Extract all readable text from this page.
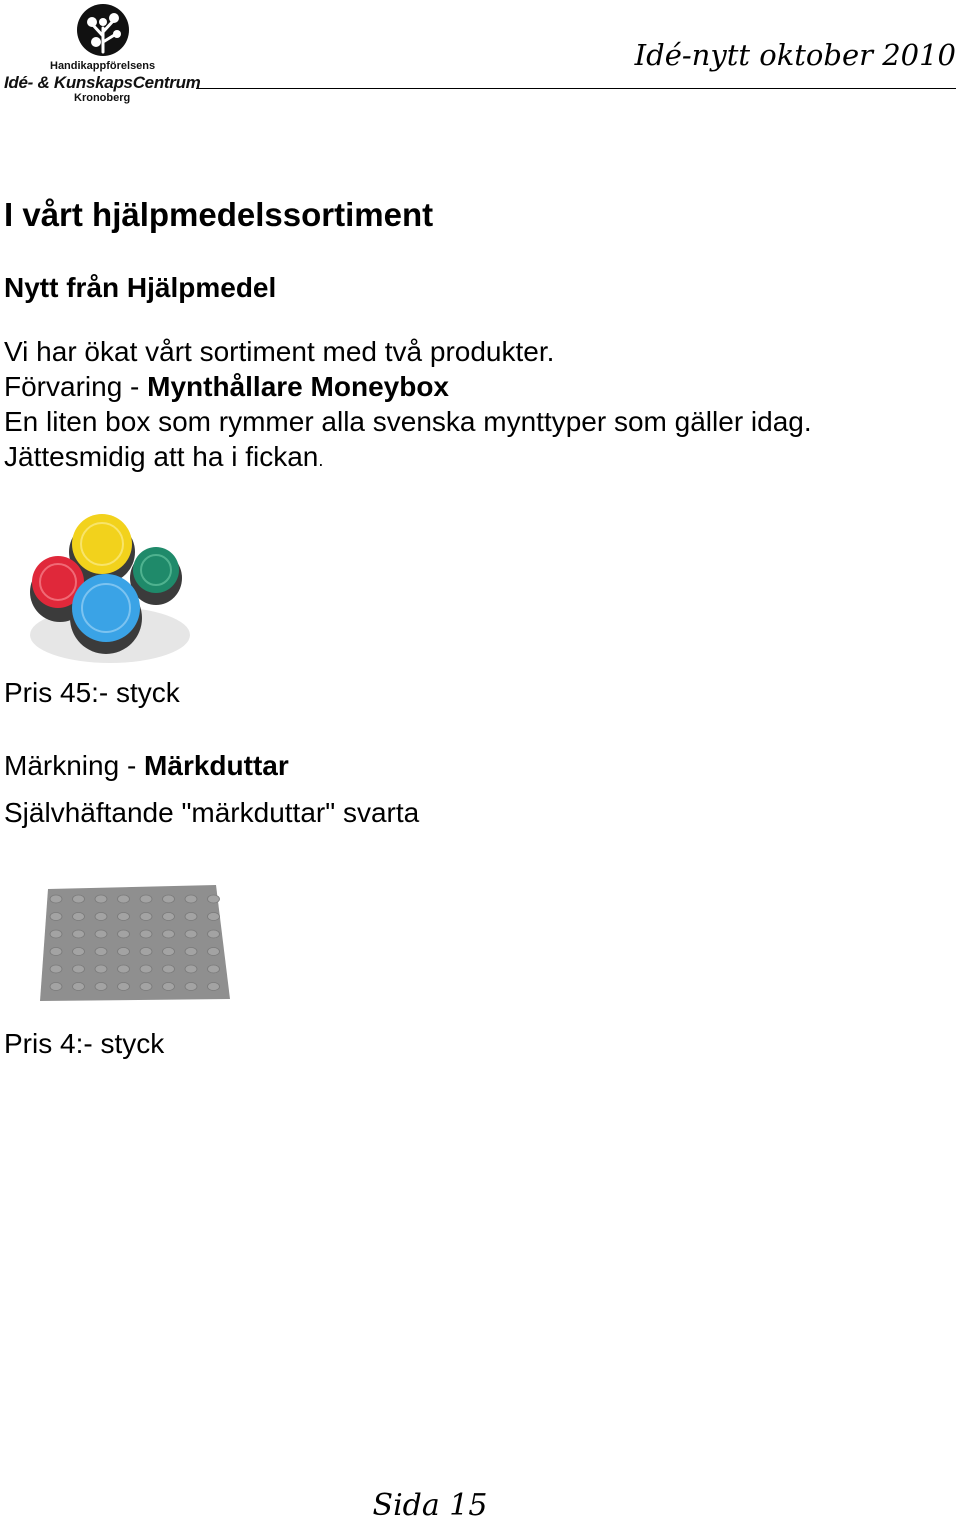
Handikappförelsens
Idé- & KunskapsCentrum
Kronoberg
Idé-nytt oktober 2010
I vårt hjälpmedelssortiment
Nytt från Hjälpmedel
Vi har ökat vårt sortiment med två produkter.
Förvaring - Mynthållare Moneybox
En liten box som rymmer alla svenska mynttyper som gäller idag.
Jättesmidig att ha i fickan.
Pris 45:- styck
Märkning - Märkduttar
Självhäftande "märkduttar" svarta
Pris 4:- styck
Sida 15
